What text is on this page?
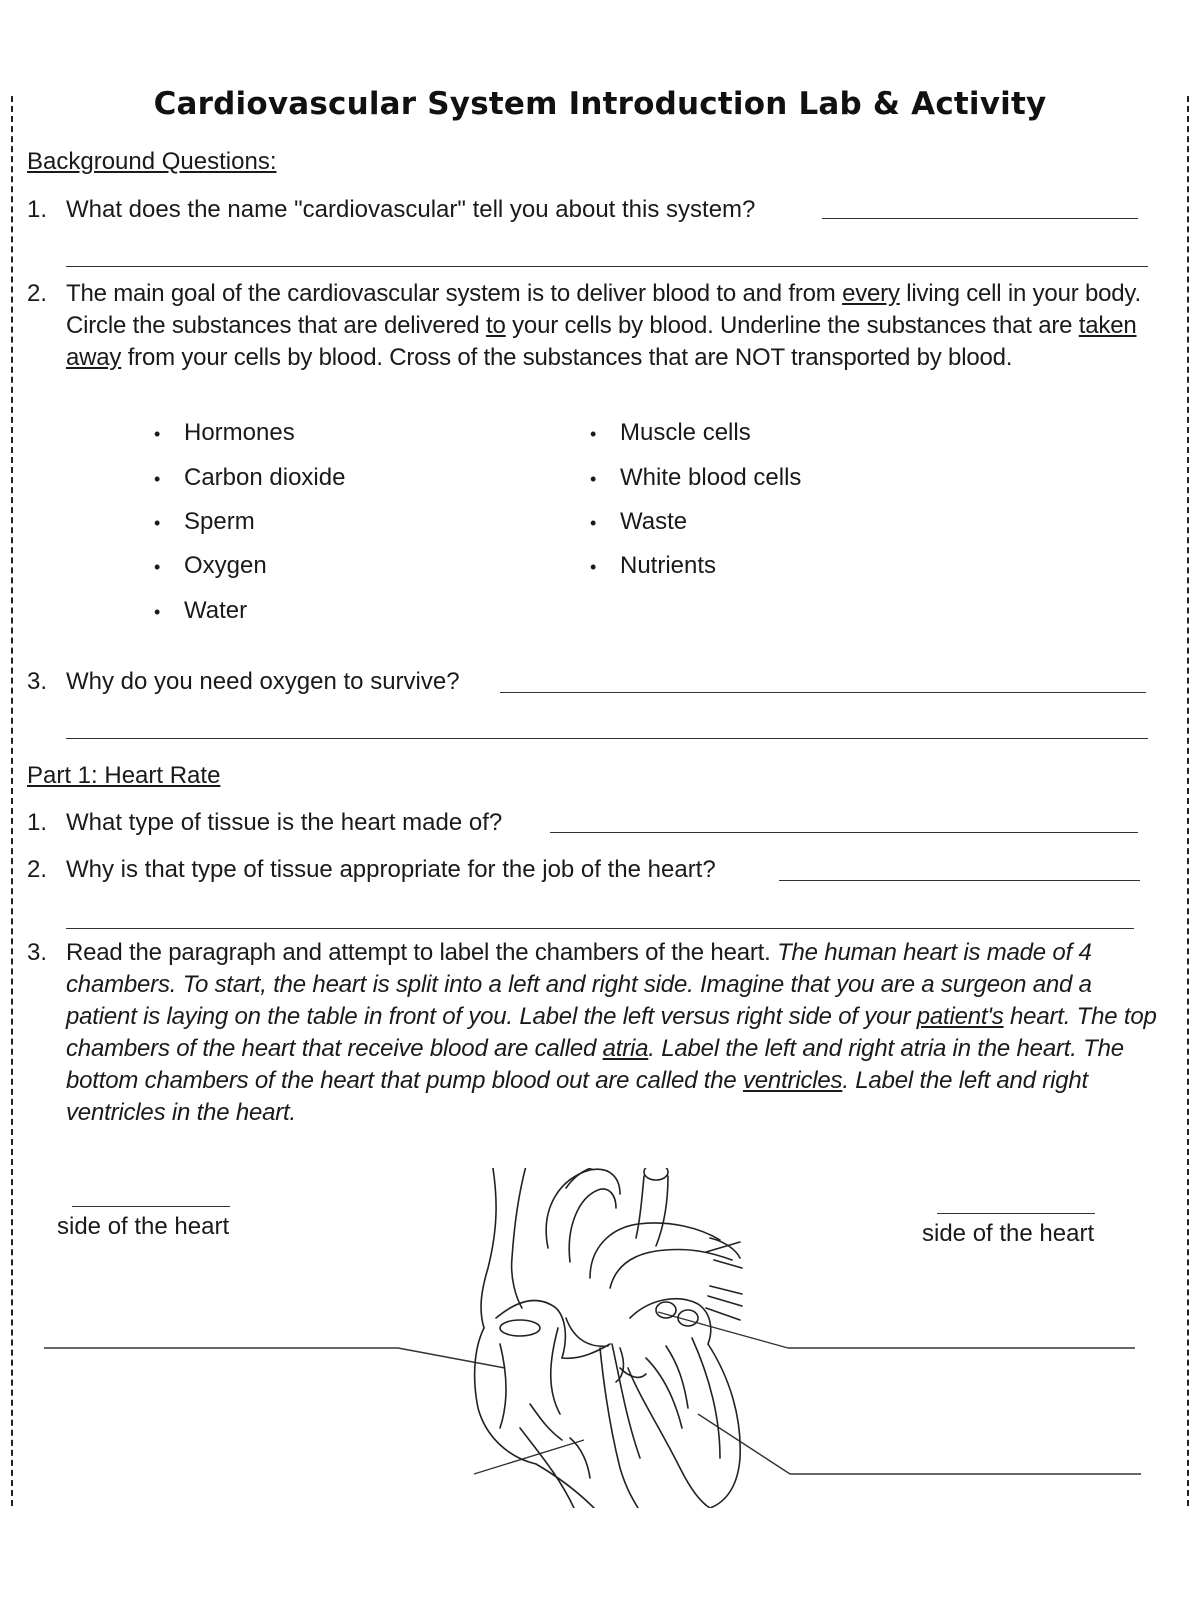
Cardiovascular System Introduction Lab & Activity
Background Questions:
1. What does the name "cardiovascular" tell you about this system?
2. The main goal of the cardiovascular system is to deliver blood to and from every living cell in your body. Circle the substances that are delivered to your cells by blood. Underline the substances that are taken away from your cells by blood. Cross of the substances that are NOT transported by blood.
• Hormones
• Carbon dioxide
• Sperm
• Oxygen
• Water
• Muscle cells
• White blood cells
• Waste
• Nutrients
3. Why do you need oxygen to survive?
Part 1: Heart Rate
1. What type of tissue is the heart made of?
2. Why is that type of tissue appropriate for the job of the heart?
3. Read the paragraph and attempt to label the chambers of the heart. The human heart is made of 4 chambers. To start, the heart is split into a left and right side. Imagine that you are a surgeon and a patient is laying on the table in front of you. Label the left versus right side of your patient's heart. The top chambers of the heart that receive blood are called atria. Label the left and right atria in the heart. The bottom chambers of the heart that pump blood out are called the ventricles. Label the left and right ventricles in the heart.
side of the heart	side of the heart
